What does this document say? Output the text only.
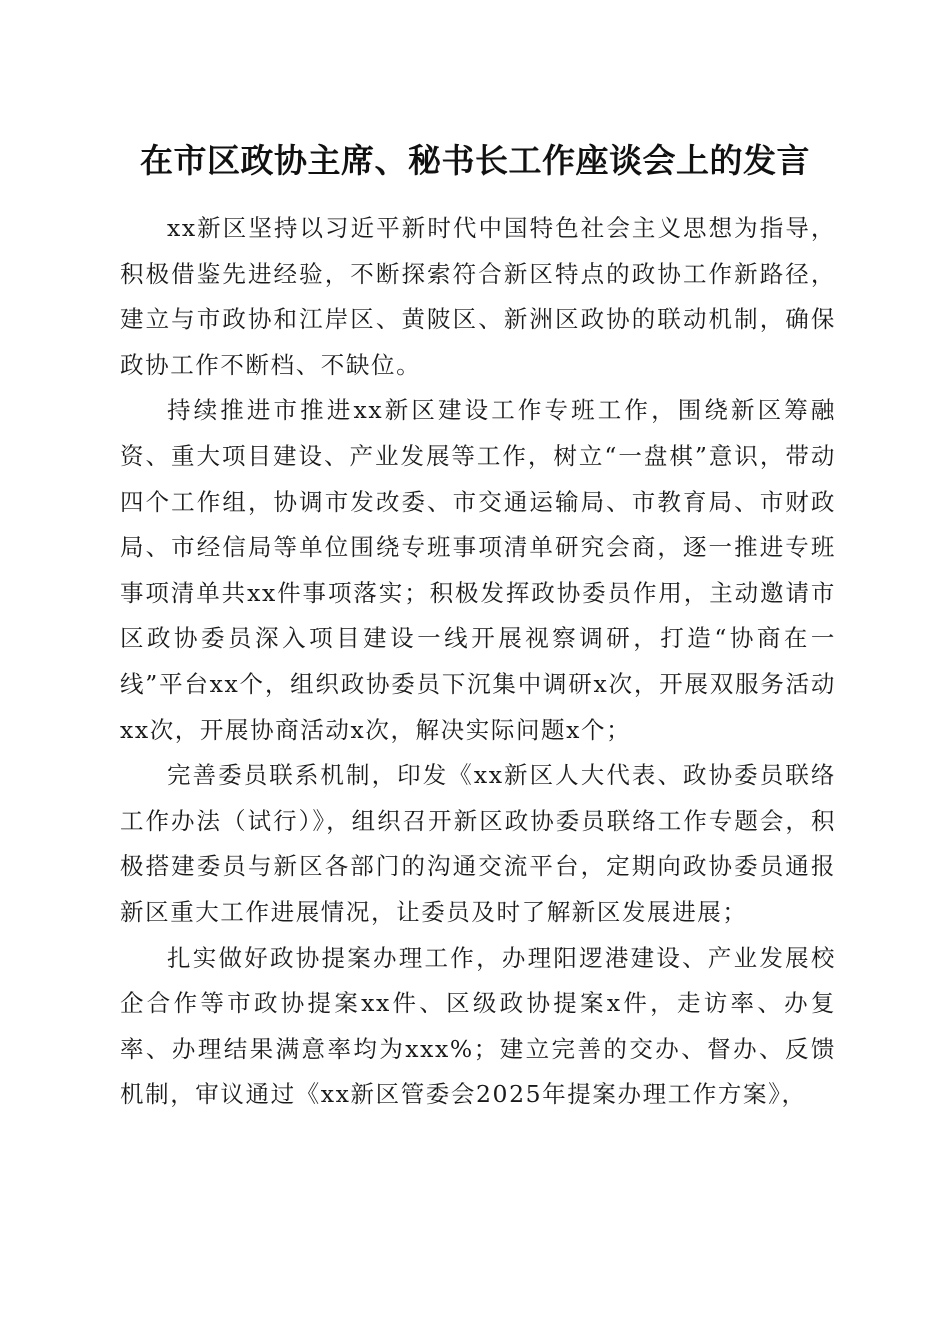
在市区政协主席、秘书长工作座谈会上的发言

xx新区坚持以习近平新时代中国特色社会主义思想为指导，积极借鉴先进经验，不断探索符合新区特点的政协工作新路径，建立与市政协和江岸区、黄陂区、新洲区政协的联动机制，确保政协工作不断档、不缺位。

持续推进市推进xx新区建设工作专班工作，围绕新区筹融资、重大项目建设、产业发展等工作，树立“一盘棋”意识，带动四个工作组，协调市发改委、市交通运输局、市教育局、市财政局、市经信局等单位围绕专班事项清单研究会商，逐一推进专班事项清单共xx件事项落实；积极发挥政协委员作用，主动邀请市区政协委员深入项目建设一线开展视察调研，打造“协商在一线”平台xx个，组织政协委员下沉集中调研x次，开展双服务活动xx次，开展协商活动x次，解决实际问题x个；

完善委员联系机制，印发《xx新区人大代表、政协委员联络工作办法（试行）》，组织召开新区政协委员联络工作专题会，积极搭建委员与新区各部门的沟通交流平台，定期向政协委员通报新区重大工作进展情况，让委员及时了解新区发展进展；

扎实做好政协提案办理工作，办理阳逻港建设、产业发展校企合作等市政协提案xx件、区级政协提案x件，走访率、办复率、办理结果满意率均为xxx%；建立完善的交办、督办、反馈机制，审议通过《xx新区管委会2025年提案办理工作方案》，
